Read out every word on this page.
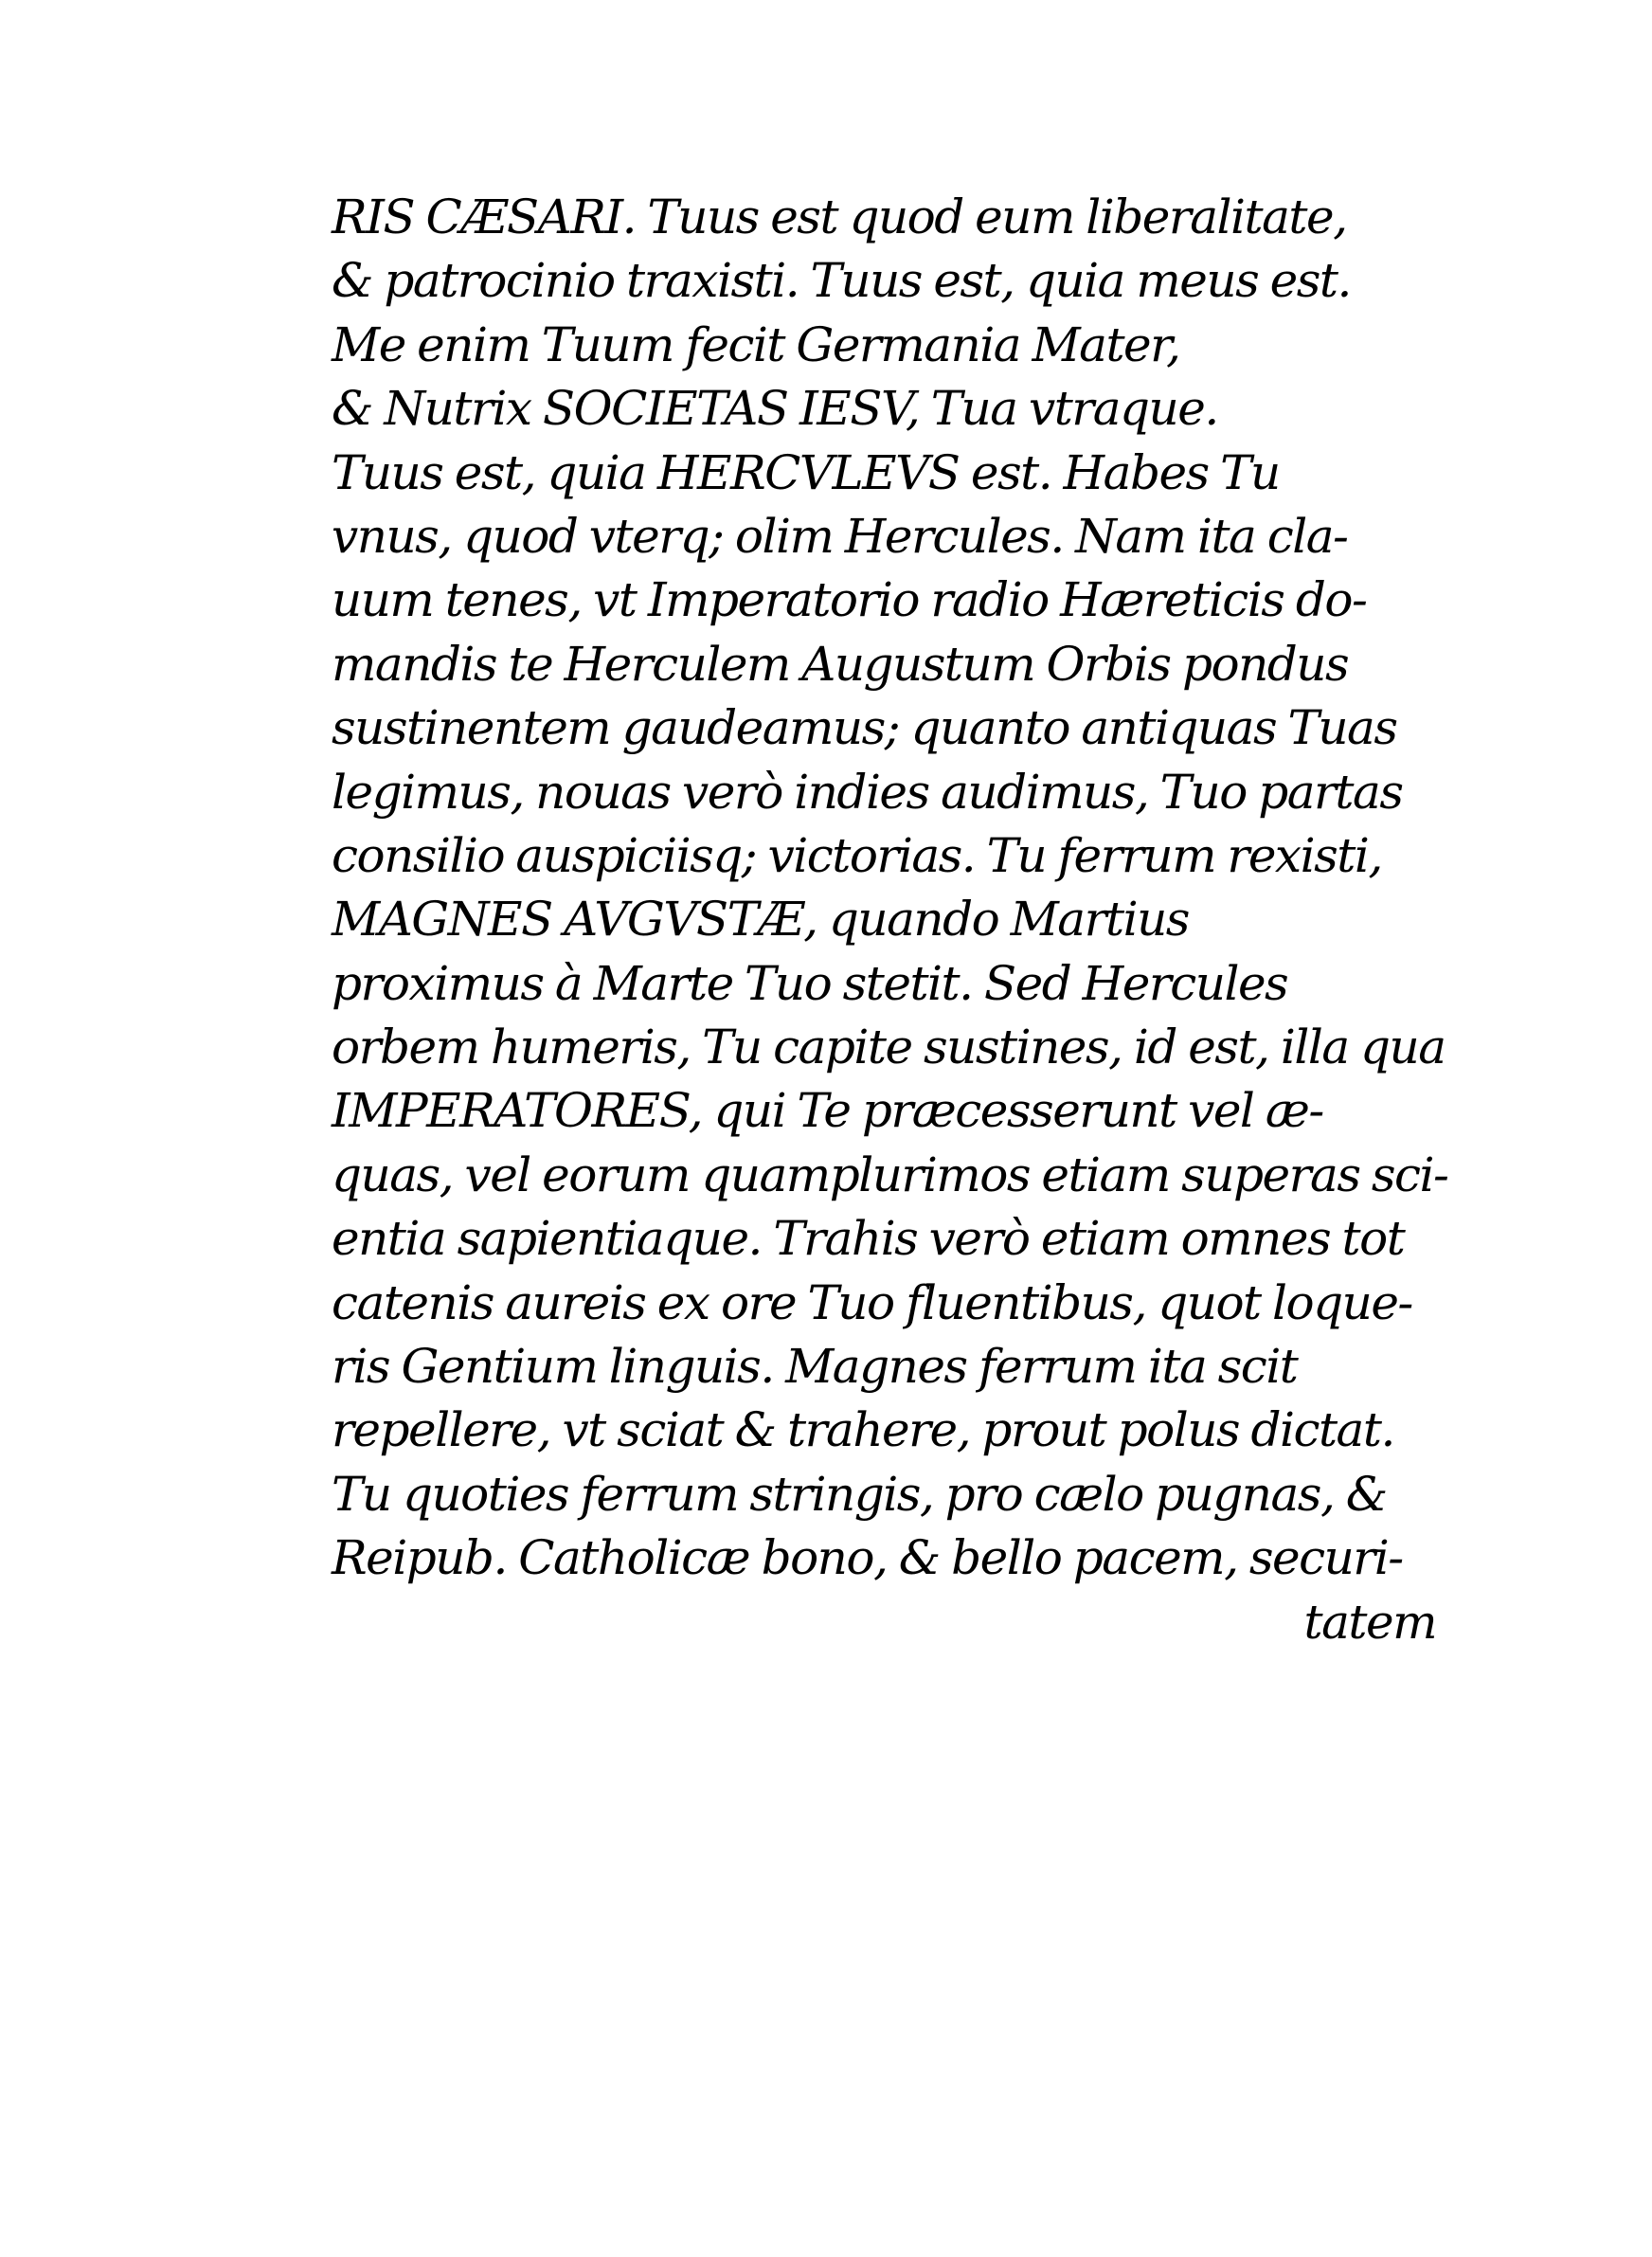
RIS CÆSARI. Tuus est quod eum liberalitate,
& patrocinio traxisti. Tuus est, quia meus est.
Me enim Tuum fecit Germania Mater,
& Nutrix SOCIETAS IESV, Tua vtraque.
Tuus est, quia HERCVLEVS est. Habes Tu
vnus, quod vterq; olim Hercules. Nam ita cla-
uum tenes, vt Imperatorio radio Hæreticis do-
mandis te Herculem Augustum Orbis pondus
sustinentem gaudeamus; quanto antiquas Tuas
legimus, nouas verò indies audimus, Tuo partas
consilio auspiciisq; victorias. Tu ferrum rexisti,
MAGNES AVGVSTÆ, quando Martius
proximus à Marte Tuo stetit. Sed Hercules
orbem humeris, Tu capite sustines, id est, illa qua
IMPERATORES, qui Te præcesserunt vel æ-
quas, vel eorum quamplurimos etiam superas sci-
entia sapientiaque. Trahis verò etiam omnes tot
catenis aureis ex ore Tuo fluentibus, quot loque-
ris Gentium linguis. Magnes ferrum ita scit
repellere, vt sciat & trahere, prout polus dictat.
Tu quoties ferrum stringis, pro cælo pugnas, &
Reipub. Catholicæ bono, & bello pacem, securi-
tatem
